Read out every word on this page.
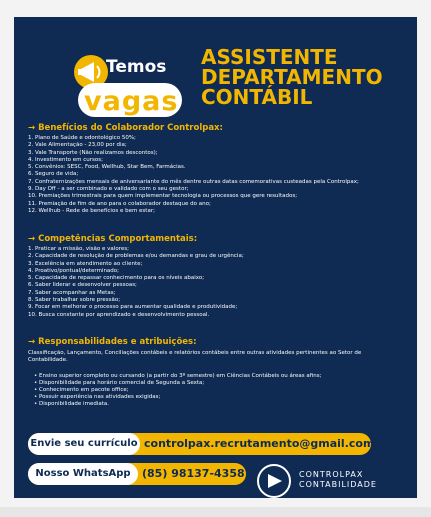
Temos
vagas
ASSISTENTE
DEPARTAMENTO
CONTÁBIL
→ Benefícios do Colaborador Controlpax:
1. Plano de Saúde e odontológico 50%;
2. Vale Alimentação - 23,00 por dia;
3. Vale Transporte (Não realizamos descontos);
4. Investimento em cursos;
5. Convênios: SESC, Food, Wellhub, Star Bem, Farmácias.
6. Seguro de vida;
7. Confraternizações mensais de aniversariante do mês dentre outras datas comemorativas custeadas pela Controlpax;
9. Day Off - a ser combinado e validado com o seu gestor;
10. Premiações trimestrais para quem implementar tecnologia ou processos que gere resultados;
11. Premiação de fim de ano para o colaborador destaque do ano;
12. Wellhub - Rede de benefícios e bem estar;
→ Competências Comportamentais:
1. Praticar a missão, visão e valores;
2. Capacidade de resolução de problemas e/ou demandas e grau de urgência;
3. Excelência em atendimento ao cliente;
4. Proativo/pontual/determinado;
5. Capacidade de repassar conhecimento para os níveis abaixo;
6. Saber liderar e desenvolver pessoas;
7. Saber acompanhar as Metas;
8. Saber trabalhar sobre pressão;
9. Focar em melhorar o processo para aumentar qualidade e produtividade;
10. Busca constante por aprendizado e desenvolvimento pessoal.
→ Responsabilidades e atribuições:
Classificação, Lançamento, Conciliações contábeis e relatórios contábeis entre outras atividades pertinentes ao Setor de Contabilidade.
• Ensino superior completo ou cursando (a partir do 3º semestre) em Ciências Contábeis ou áreas afins;
• Disponibilidade para horário comercial de Segunda a Sexta;
• Conhecimento em pacote office;
• Possuir experiência nas atividades exigidas;
• Disponibilidade imediata.
Envie seu currículo controlpax.recrutamento@gmail.com
Nosso WhatsApp	(85) 98137-4358	CONTROLPAX
CONTABILIDADE
